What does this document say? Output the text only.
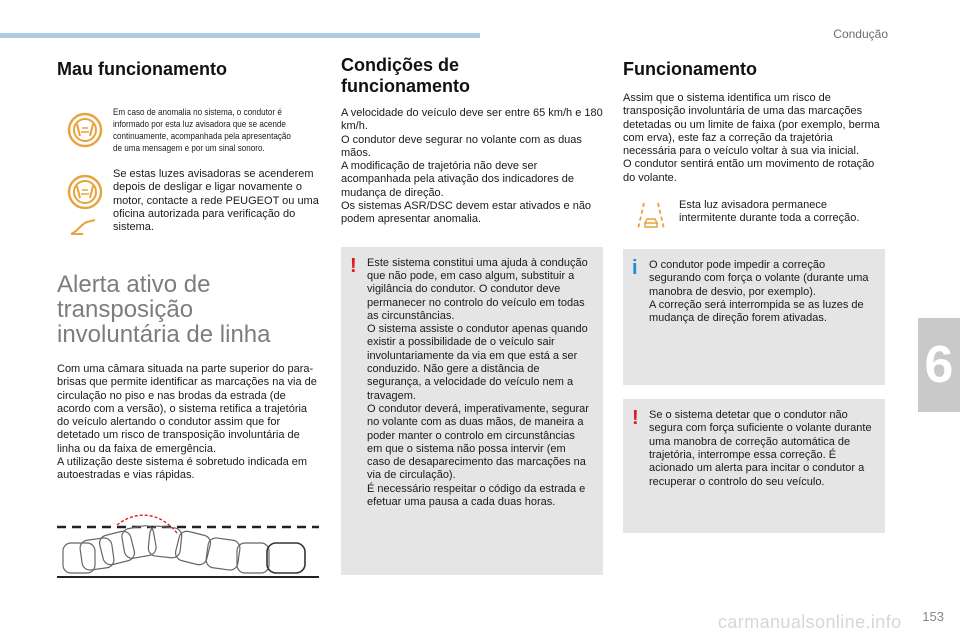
Condução
6
Mau funcionamento
Em caso de anomalia no sistema, o condutor é informado por esta luz avisadora que se acende continuamente, acompanhada pela apresentação de uma mensagem e por um sinal sonoro.

Se estas luzes avisadoras se acenderem depois de desligar e ligar novamente o motor, contacte a rede PEUGEOT ou uma oficina autorizada para verificação do sistema.

Alerta ativo de transposição involuntária de linha

Com uma câmara situada na parte superior do para-brisas que permite identificar as marcações na via de circulação no piso e nas brodas da estrada (de acordo com a versão), o sistema retifica a trajetória do veículo alertando o condutor assim que for detetado um risco de transposição involuntária de linha ou da faixa de emergência.
A utilização deste sistema é sobretudo indicada em autoestradas e vias rápidas.

Condições de funcionamento

A velocidade do veículo deve ser entre 65 km/h e 180 km/h.
O condutor deve segurar no volante com as duas mãos.
A modificação de trajetória não deve ser acompanhada pela ativação dos indicadores de mudança de direção.
Os sistemas ASR/DSC devem estar ativados e não podem apresentar anomalia.

! Este sistema constitui uma ajuda à condução que não pode, em caso algum, substituir a vigilância do condutor. O condutor deve permanecer no controlo do veículo em todas as circunstâncias.
O sistema assiste o condutor apenas quando existir a possibilidade de o veículo sair involuntariamente da via em que está a ser conduzido. Não gere a distância de segurança, a velocidade do veículo nem a travagem.
O condutor deverá, imperativamente, segurar no volante com as duas mãos, de maneira a poder manter o controlo em circunstâncias em que o sistema não possa intervir (em caso de desaparecimento das marcações na via de circulação).
É necessário respeitar o código da estrada e efetuar uma pausa a cada duas horas.

Funcionamento

Assim que o sistema identifica um risco de transposição involuntária de uma das marcações detetadas ou um limite de faixa (por exemplo, berma com erva), este faz a correção da trajetória necessária para o veículo voltar à sua via inicial.
O condutor sentirá então um movimento de rotação do volante.

Esta luz avisadora permanece intermitente durante toda a correção.

i O condutor pode impedir a correção segurando com força o volante (durante uma manobra de desvio, por exemplo).
A correção será interrompida se as luzes de mudança de direção forem ativadas.

! Se o sistema detetar que o condutor não segura com força suficiente o volante durante uma manobra de correção automática de trajetória, interrompe essa correção. É acionado um alerta para incitar o condutor a recuperar o controlo do seu veículo.

carmanualsonline.info 153
